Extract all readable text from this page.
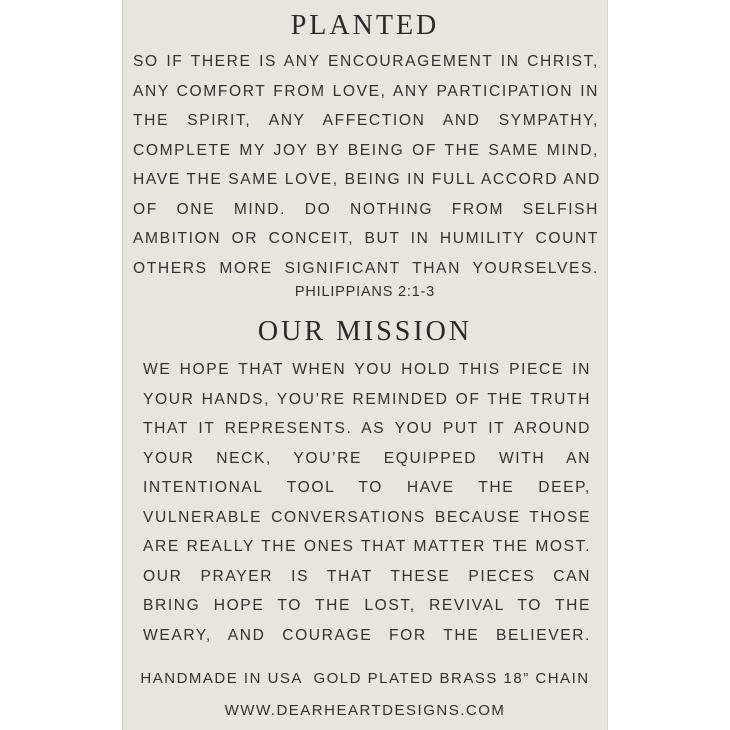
PLANTED
SO IF THERE IS ANY ENCOURAGEMENT IN CHRIST,
ANY COMFORT FROM LOVE, ANY PARTICIPATION IN
THE SPIRIT, ANY AFFECTION AND SYMPATHY,
COMPLETE MY JOY BY BEING OF THE SAME MIND,
HAVE THE SAME LOVE, BEING IN FULL ACCORD AND
OF ONE MIND. DO NOTHING FROM SELFISH
AMBITION OR CONCEIT, BUT IN HUMILITY COUNT
OTHERS MORE SIGNIFICANT THAN YOURSELVES.
PHILIPPIANS 2:1-3
OUR MISSION
WE HOPE THAT WHEN YOU HOLD THIS PIECE IN
YOUR HANDS, YOU’RE REMINDED OF THE TRUTH
THAT IT REPRESENTS. AS YOU PUT IT AROUND
YOUR NECK, YOU’RE EQUIPPED WITH AN
INTENTIONAL TOOL TO HAVE THE DEEP,
VULNERABLE CONVERSATIONS BECAUSE THOSE
ARE REALLY THE ONES THAT MATTER THE MOST.
OUR PRAYER IS THAT THESE PIECES CAN
BRING HOPE TO THE LOST, REVIVAL TO THE
WEARY, AND COURAGE FOR THE BELIEVER.
HANDMADE IN USA  GOLD PLATED BRASS 18” CHAIN
WWW.DEARHEARTDESIGNS.COM
